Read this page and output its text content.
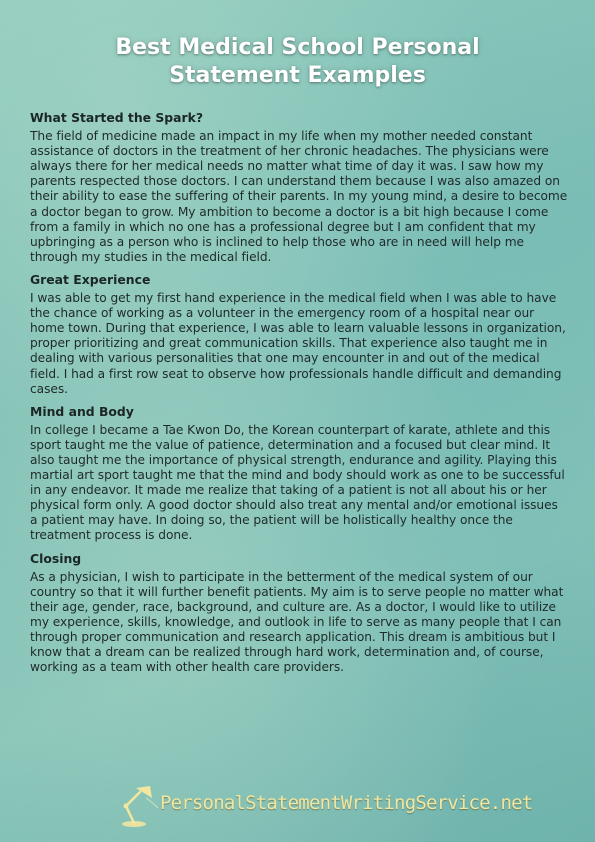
Best Medical School Personal
Statement Examples

What Started the Spark?

The field of medicine made an impact in my life when my mother needed constant assistance of doctors in the treatment of her chronic headaches. The physicians were always there for her medical needs no matter what time of day it was. I saw how my parents respected those doctors. I can understand them because I was also amazed on their ability to ease the suffering of their parents. In my young mind, a desire to become a doctor began to grow. My ambition to become a doctor is a bit high because I come from a family in which no one has a professional degree but I am confident that my upbringing as a person who is inclined to help those who are in need will help me through my studies in the medical field.

Great Experience

I was able to get my first hand experience in the medical field when I was able to have the chance of working as a volunteer in the emergency room of a hospital near our home town. During that experience, I was able to learn valuable lessons in organization, proper prioritizing and great communication skills. That experience also taught me in dealing with various personalities that one may encounter in and out of the medical field. I had a first row seat to observe how professionals handle difficult and demanding cases.

Mind and Body

In college I became a Tae Kwon Do, the Korean counterpart of karate, athlete and this sport taught me the value of patience, determination and a focused but clear mind. It also taught me the importance of physical strength, endurance and agility. Playing this martial art sport taught me that the mind and body should work as one to be successful in any endeavor. It made me realize that taking of a patient is not all about his or her physical form only. A good doctor should also treat any mental and/or emotional issues a patient may have. In doing so, the patient will be holistically healthy once the treatment process is done.

Closing

As a physician, I wish to participate in the betterment of the medical system of our country so that it will further benefit patients. My aim is to serve people no matter what their age, gender, race, background, and culture are. As a doctor, I would like to utilize my experience, skills, knowledge, and outlook in life to serve as many people that I can through proper communication and research application. This dream is ambitious but I know that a dream can be realized through hard work, determination and, of course, working as a team with other health care providers.

PersonalStatementWritingService.net
